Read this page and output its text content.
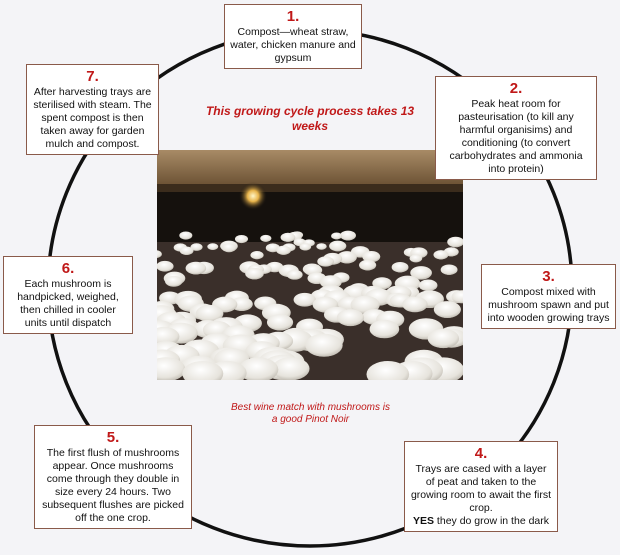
This growing cycle process takes 13 weeks
Best wine match with mushrooms is a good Pinot Noir
1.
Compost—wheat straw, water, chicken manure and gypsum
2.
Peak heat room for pasteurisation (to kill any harmful organisims) and conditioning (to convert carbohydrates and ammonia into protein)
3.
Compost mixed with mushroom spawn and put into wooden growing trays
4.
Trays are cased with a layer of peat and taken to the growing room to await the first crop.
YES they do grow in the dark
5.
The first flush of mushrooms appear. Once mushrooms come through they double in size every 24 hours. Two subsequent flushes are picked off the one crop.
6.
Each mushroom is handpicked, weighed, then chilled in cooler units until dispatch
7.
After harvesting trays are sterilised with steam. The spent compost is then taken away for garden mulch and compost.
